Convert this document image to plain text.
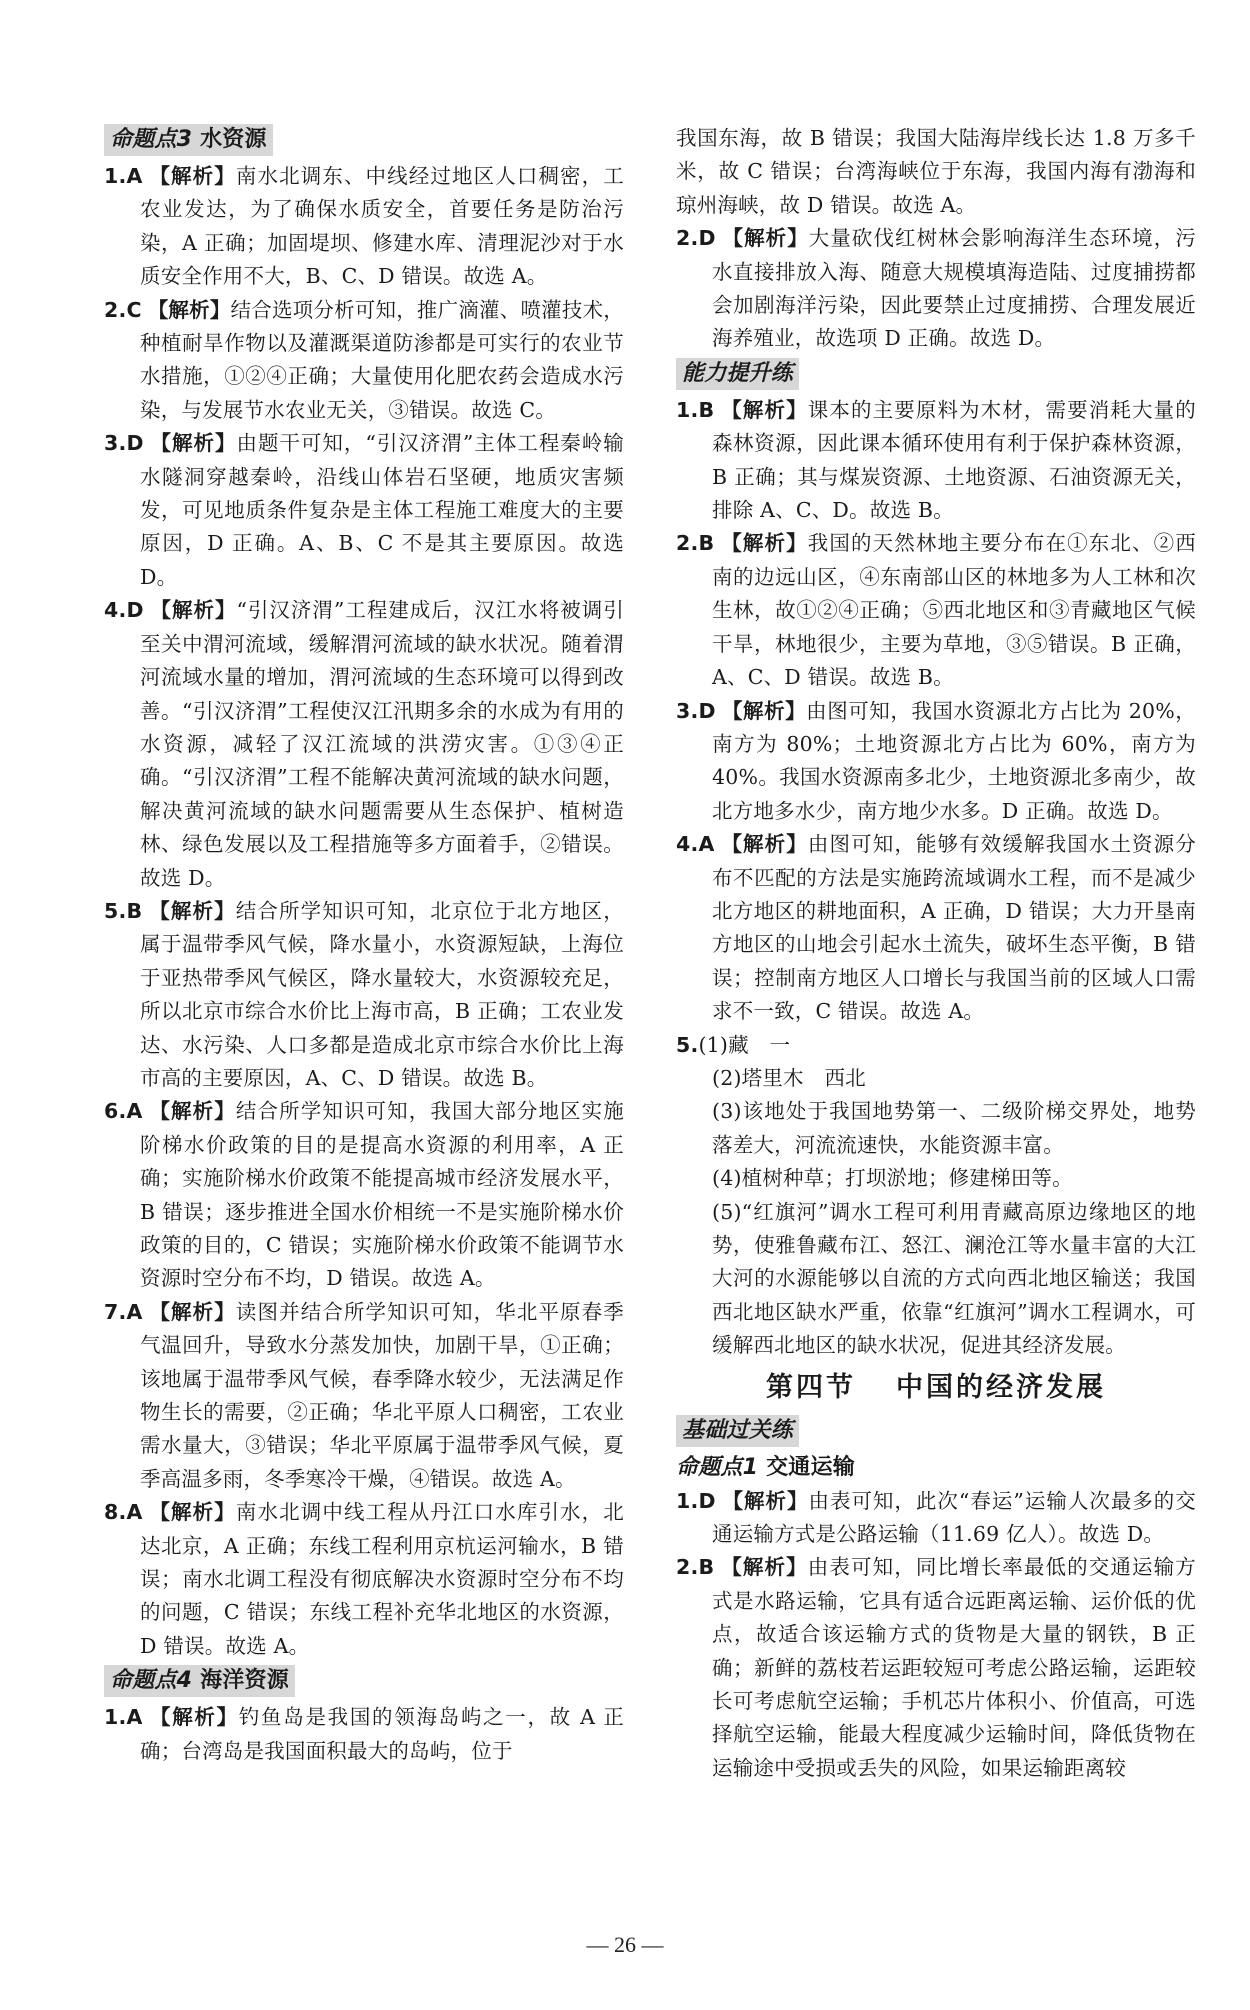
命题点3 水资源
1.A 【解析】南水北调东、中线经过地区人口稠密，工农业发达，为了确保水质安全，首要任务是防治污染，A 正确；加固堤坝、修建水库、清理泥沙对于水质安全作用不大，B、C、D 错误。故选 A。
2.C 【解析】结合选项分析可知，推广滴灌、喷灌技术，种植耐旱作物以及灌溉渠道防渗都是可实行的农业节水措施，①②④正确；大量使用化肥农药会造成水污染，与发展节水农业无关，③错误。故选 C。
3.D 【解析】由题干可知，“引汉济渭”主体工程秦岭输水隧洞穿越秦岭，沿线山体岩石坚硬，地质灾害频发，可见地质条件复杂是主体工程施工难度大的主要原因，D 正确。A、B、C 不是其主要原因。故选 D。
4.D 【解析】“引汉济渭”工程建成后，汉江水将被调引至关中渭河流域，缓解渭河流域的缺水状况。随着渭河流域水量的增加，渭河流域的生态环境可以得到改善。“引汉济渭”工程使汉江汛期多余的水成为有用的水资源，减轻了汉江流域的洪涝灾害。①③④正确。“引汉济渭”工程不能解决黄河流域的缺水问题，解决黄河流域的缺水问题需要从生态保护、植树造林、绿色发展以及工程措施等多方面着手，②错误。故选 D。
5.B 【解析】结合所学知识可知，北京位于北方地区，属于温带季风气候，降水量小，水资源短缺，上海位于亚热带季风气候区，降水量较大，水资源较充足，所以北京市综合水价比上海市高，B 正确；工农业发达、水污染、人口多都是造成北京市综合水价比上海市高的主要原因，A、C、D 错误。故选 B。
6.A 【解析】结合所学知识可知，我国大部分地区实施阶梯水价政策的目的是提高水资源的利用率，A 正确；实施阶梯水价政策不能提高城市经济发展水平，B 错误；逐步推进全国水价相统一不是实施阶梯水价政策的目的，C 错误；实施阶梯水价政策不能调节水资源时空分布不均，D 错误。故选 A。
7.A 【解析】读图并结合所学知识可知，华北平原春季气温回升，导致水分蒸发加快，加剧干旱，①正确；该地属于温带季风气候，春季降水较少，无法满足作物生长的需要，②正确；华北平原人口稠密，工农业需水量大，③错误；华北平原属于温带季风气候，夏季高温多雨，冬季寒冷干燥，④错误。故选 A。
8.A 【解析】南水北调中线工程从丹江口水库引水，北达北京，A 正确；东线工程利用京杭运河输水，B 错误；南水北调工程没有彻底解决水资源时空分布不均的问题，C 错误；东线工程补充华北地区的水资源，D 错误。故选 A。
命题点4 海洋资源
1.A 【解析】钓鱼岛是我国的领海岛屿之一，故 A 正确；台湾岛是我国面积最大的岛屿，位于
我国东海，故 B 错误；我国大陆海岸线长达 1.8 万多千米，故 C 错误；台湾海峡位于东海，我国内海有渤海和琼州海峡，故 D 错误。故选 A。
2.D 【解析】大量砍伐红树林会影响海洋生态环境，污水直接排放入海、随意大规模填海造陆、过度捕捞都会加剧海洋污染，因此要禁止过度捕捞、合理发展近海养殖业，故选项 D 正确。故选 D。
能力提升练
1.B 【解析】课本的主要原料为木材，需要消耗大量的森林资源，因此课本循环使用有利于保护森林资源，B 正确；其与煤炭资源、土地资源、石油资源无关，排除 A、C、D。故选 B。
2.B 【解析】我国的天然林地主要分布在①东北、②西南的边远山区，④东南部山区的林地多为人工林和次生林，故①②④正确；⑤西北地区和③青藏地区气候干旱，林地很少，主要为草地，③⑤错误。B 正确，A、C、D 错误。故选 B。
3.D 【解析】由图可知，我国水资源北方占比为 20%，南方为 80%；土地资源北方占比为 60%，南方为 40%。我国水资源南多北少，土地资源北多南少，故北方地多水少，南方地少水多。D 正确。故选 D。
4.A 【解析】由图可知，能够有效缓解我国水土资源分布不匹配的方法是实施跨流域调水工程，而不是减少北方地区的耕地面积，A 正确，D 错误；大力开垦南方地区的山地会引起水土流失，破坏生态平衡，B 错误；控制南方地区人口增长与我国当前的区域人口需求不一致，C 错误。故选 A。
5.(1)藏　一
(2)塔里木　西北
(3)该地处于我国地势第一、二级阶梯交界处，地势落差大，河流流速快，水能资源丰富。
(4)植树种草；打坝淤地；修建梯田等。
(5)“红旗河”调水工程可利用青藏高原边缘地区的地势，使雅鲁藏布江、怒江、澜沧江等水量丰富的大江大河的水源能够以自流的方式向西北地区输送；我国西北地区缺水严重，依靠“红旗河”调水工程调水，可缓解西北地区的缺水状况，促进其经济发展。
第四节 中国的经济发展
基础过关练
命题点1 交通运输
1.D 【解析】由表可知，此次“春运”运输人次最多的交通运输方式是公路运输（11.69 亿人）。故选 D。
2.B 【解析】由表可知，同比增长率最低的交通运输方式是水路运输，它具有适合远距离运输、运价低的优点，故适合该运输方式的货物是大量的钢铁，B 正确；新鲜的荔枝若运距较短可考虑公路运输，运距较长可考虑航空运输；手机芯片体积小、价值高，可选择航空运输，能最大程度减少运输时间，降低货物在运输途中受损或丢失的风险，如果运输距离较
— 26 —
